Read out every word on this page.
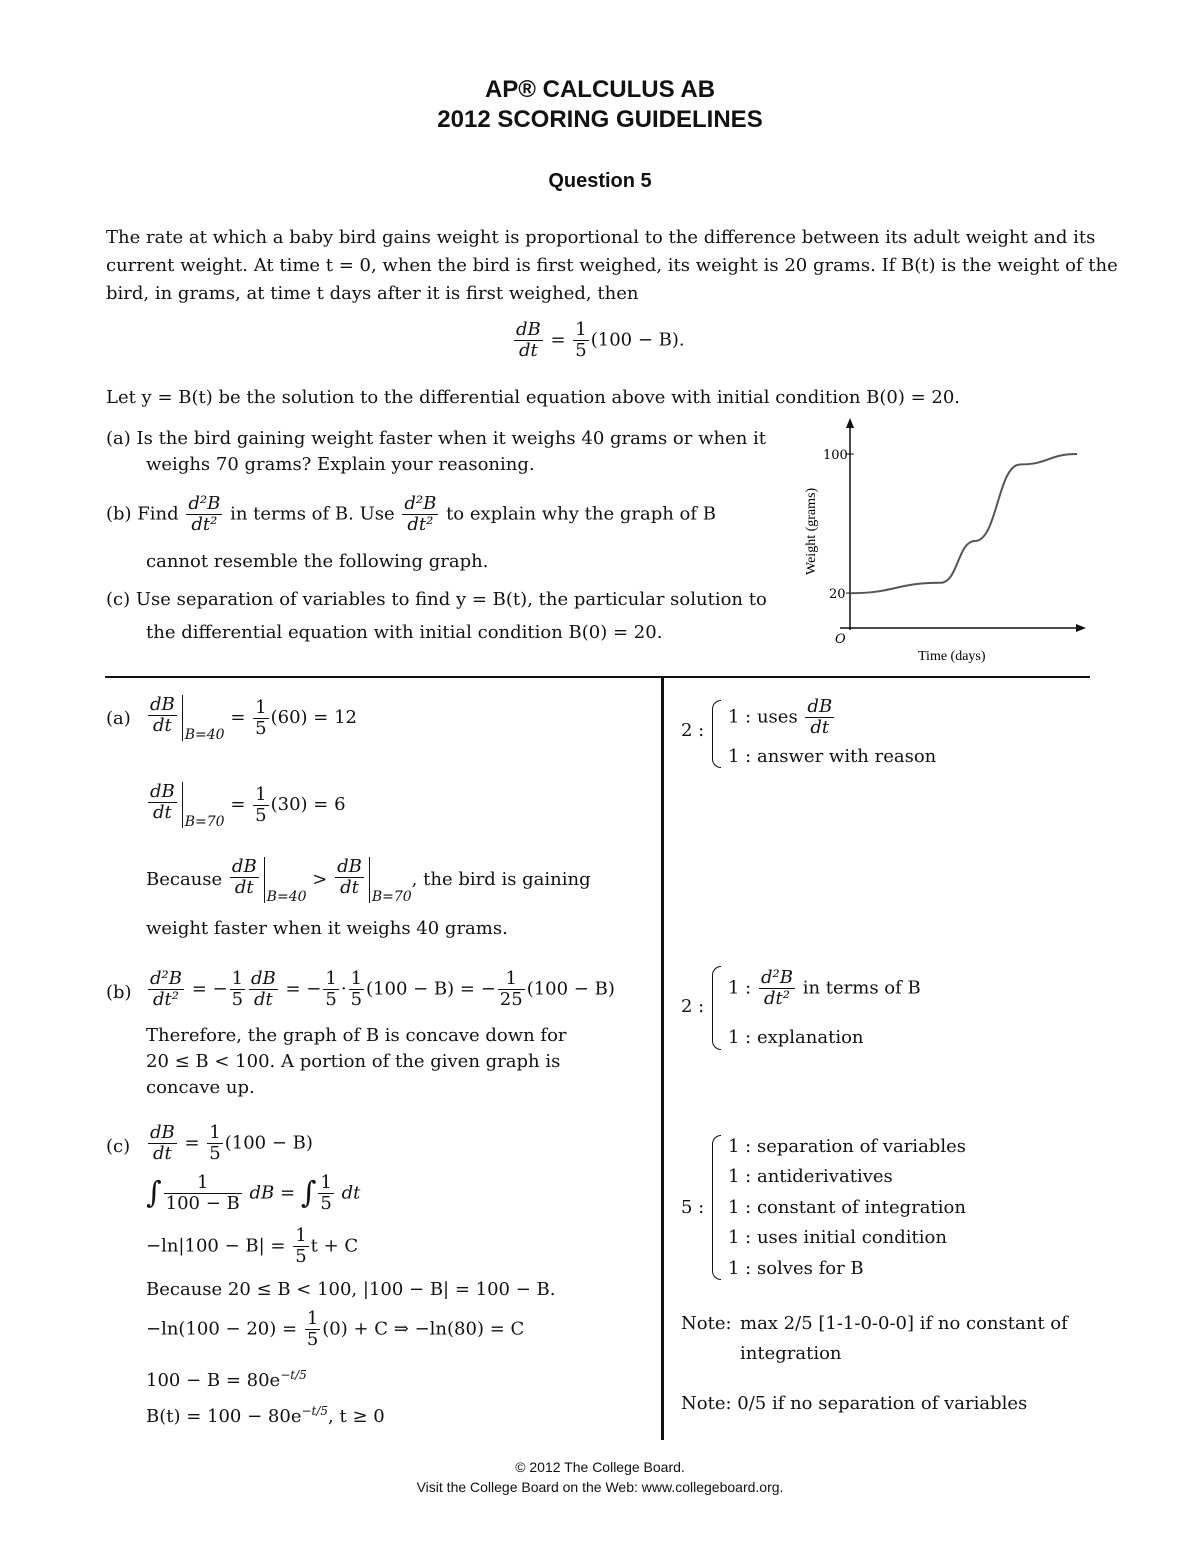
AP® CALCULUS AB
2012 SCORING GUIDELINES
Question 5
The rate at which a baby bird gains weight is proportional to the difference between its adult weight and its
current weight. At time t = 0, when the bird is first weighed, its weight is 20 grams. If B(t) is the weight of the
bird, in grams, at time t days after it is first weighed, then
$\frac{dB}{dt} = \frac{1}{5} (100 - B)$.
Let y = B(t) be the solution to the differential equation above with initial condition B(0) = 20.
(a) Is the bird gaining weight faster when it weighs 40 grams or when it
weighs 70 grams? Explain your reasoning.
(b) Find $\frac{\text{d²B}}{\text{dt²}}$ in terms of B. Use $\frac{\text{d²B}}{\text{dt²}}$ to explain why the graph of B
cannot resemble the following graph.
(c) Use separation of variables to find y = B(t), the particular solution to
the differential equation with initial condition B(0) = 20.
100
20
O
Time (days)
Weight (grams)
$(a) \frac{dB}{dt} _{B=40} = \frac{1}{5} (60) = 12$
$\frac{dB}{dt} _{B=70} = \frac{1}{5} (30) = 6$
Because $\frac{dB}{dt} _{B=40} > \frac{dB}{dt} _{B=70}$, the bird is gaining
weight faster when it weighs 40 grams.
$(b) \frac{\text{d²B}}{\text{dt²}}$ = − $\frac{1}{5} \frac{dB}{dt}$ = − $\frac{1}{5} \cdot \frac{1}{5} (100 - B)$ = − $\frac{1}{25} (100 - B)$
Therefore, the graph of B is concave down for
20 ≤ B < 100. A portion of the given graph is
concave up.
$(c) \frac{dB}{dt} = \frac{1}{5} (100 - B)$
∫ $\frac{1}{100 - B}$ dB = ∫ $\frac{1}{5}$ dt
$-\ln|100 - B| = \frac{1}{5}$ t + C
Because 20 ≤ B < 100, |100 − B| = 100 − B.
$-\ln(100 - 20) = \frac{1}{5} (0) + C$ ⇒ −ln(80) = C
$100 - B = 80e^{-t/5}$
$B(t) = 100 - 80e^{-t/5}$, t ≥ 0
2 :
1 : uses $\frac{dB}{dt}$
1 : answer with reason
2 :
1 : $\frac{\text{d²B}}{\text{dt²}}$ in terms of B
1 : explanation
5 :
1 : separation of variables
1 : antiderivatives
1 : constant of integration
1 : uses initial condition
1 : solves for B
Note: max 2/5 [1-1-0-0-0] if no constant of
integration
Note: 0/5 if no separation of variables
© 2012 The College Board.
Visit the College Board on the Web: www.collegeboard.org.
